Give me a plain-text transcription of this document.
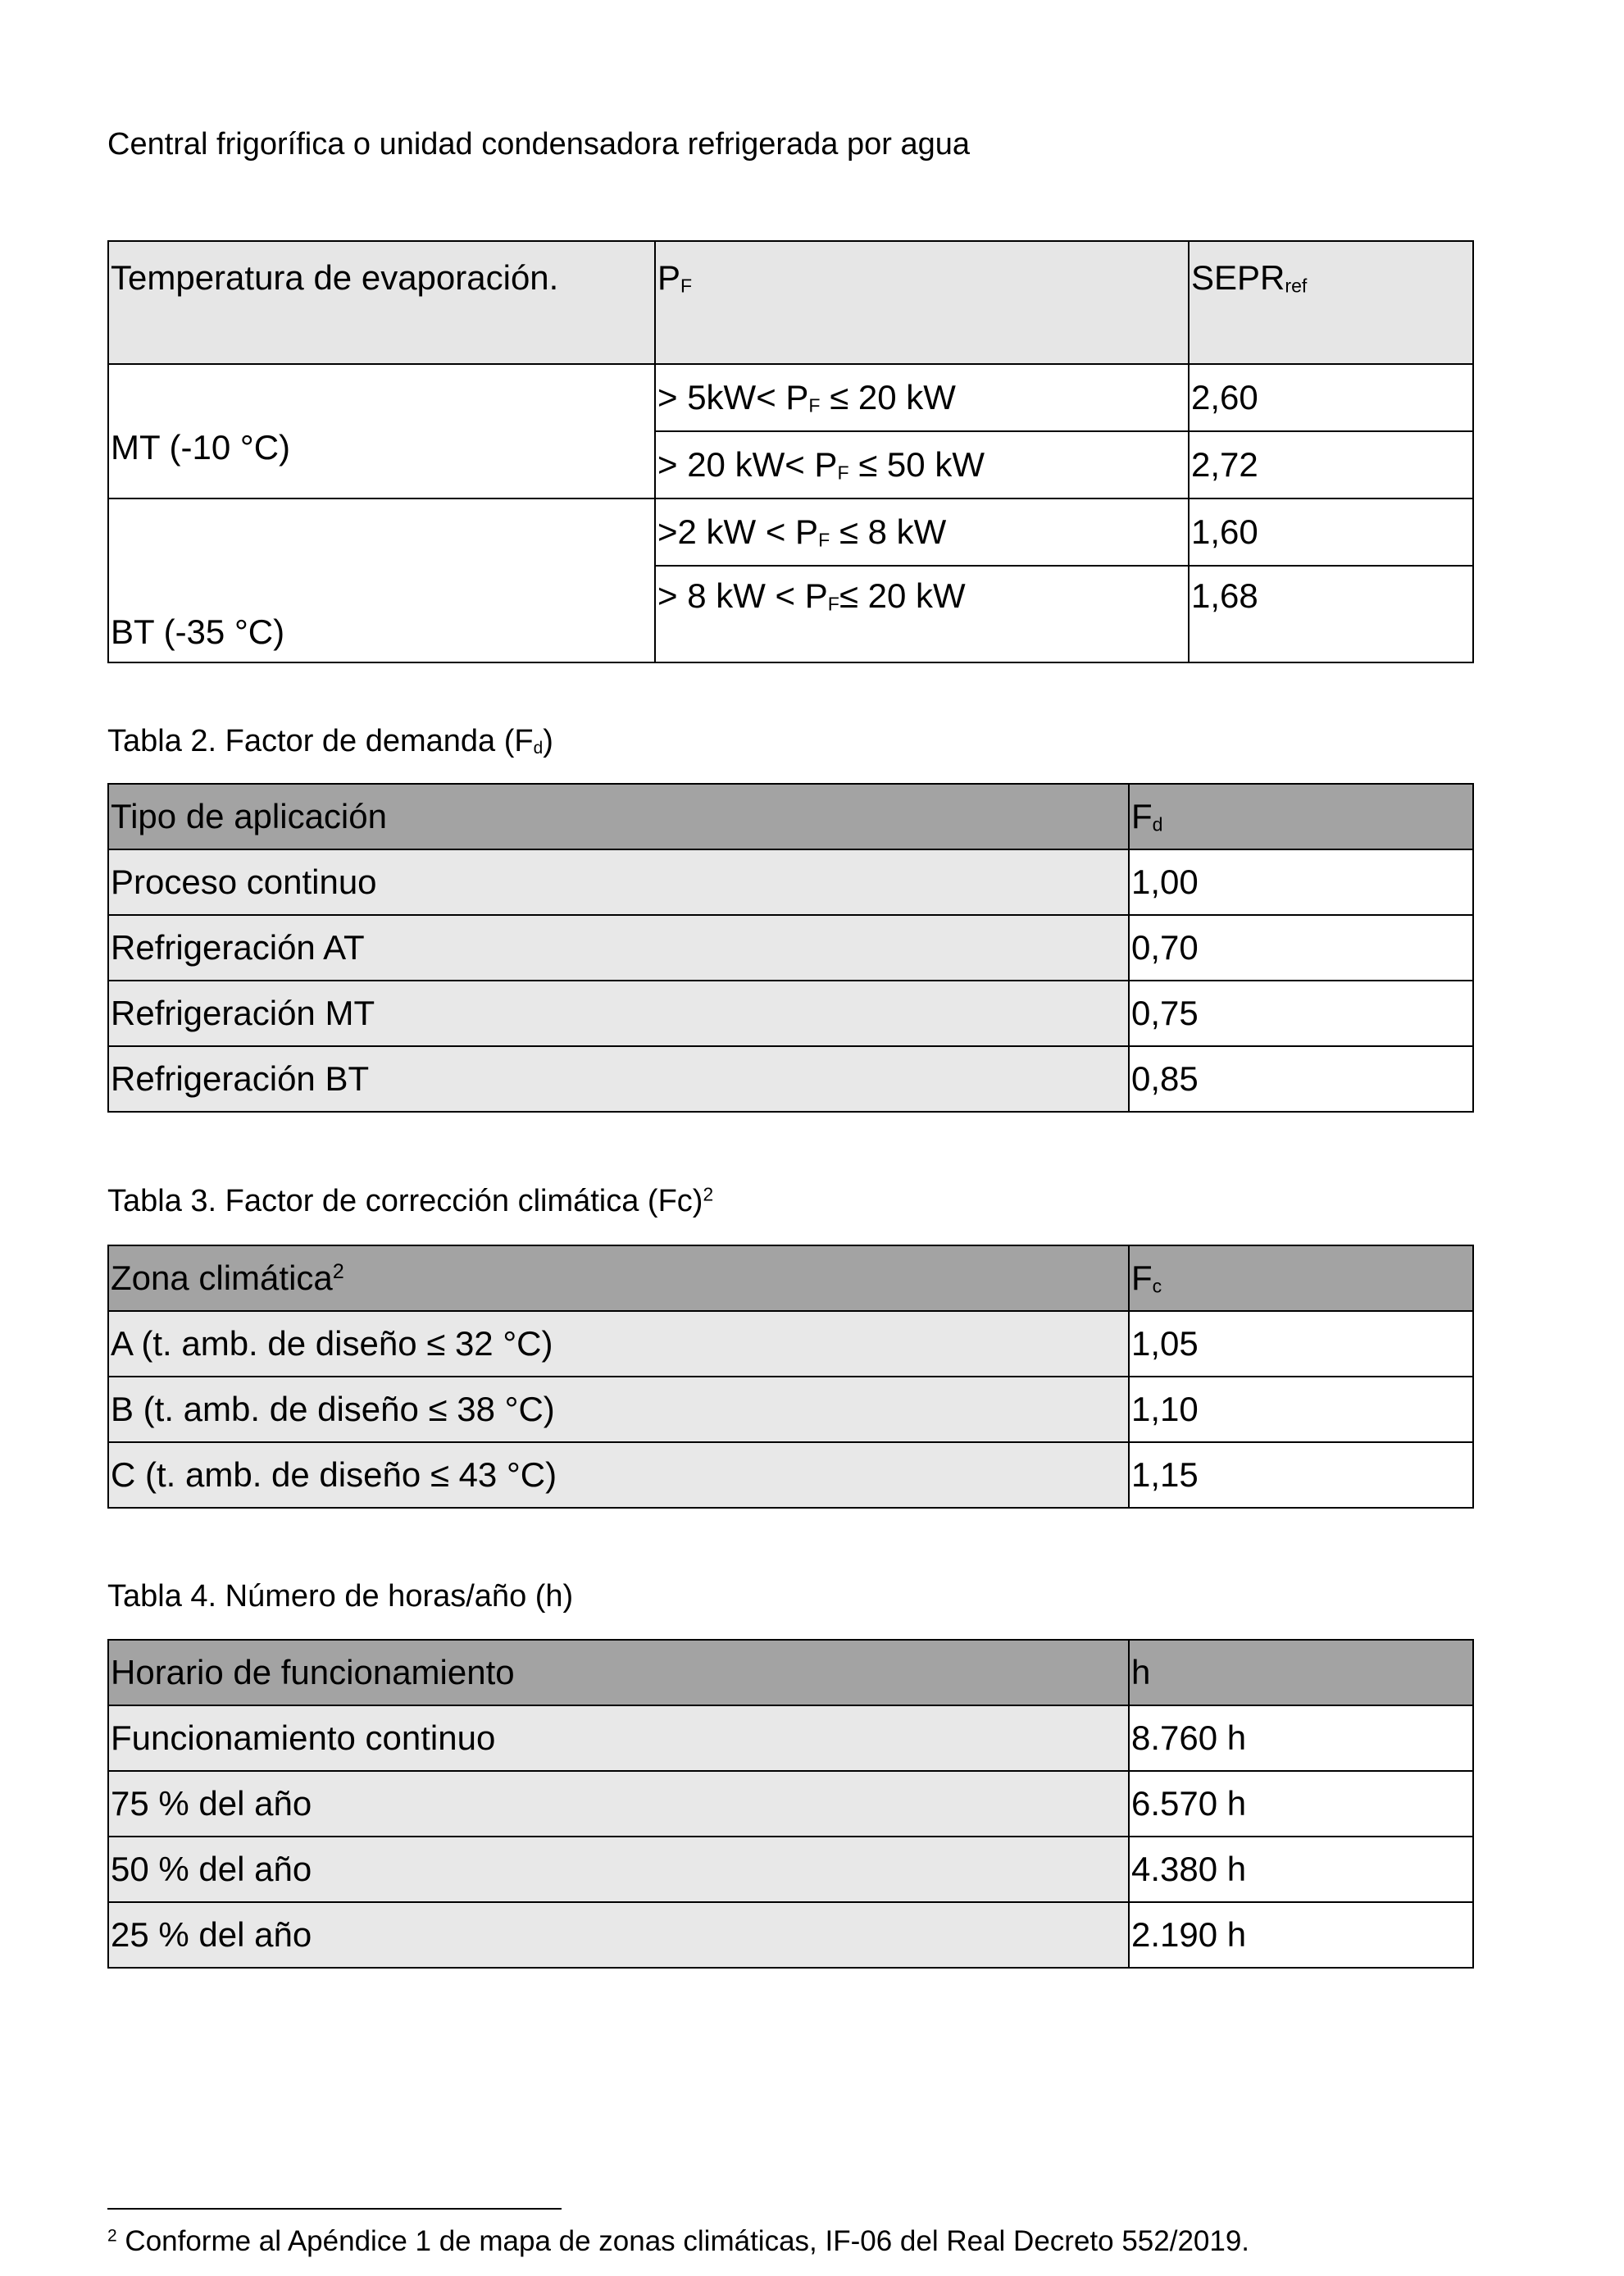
Central frigorífica o unidad condensadora refrigerada por agua
Temperatura de evaporación.	$P_F$	$SEPR_{ref}$
MT (-10 °C)	> $5kW< P_F \le 20$ kW	2,60
	> 20 $kW< P_F \le 50$ kW	2,72
BT (-35 °C)	>2 kW < $P_F \le 8$ kW	1,60
	> 8 kW < $P_F\le 20$ kW	1,68
Tabla 2. Factor de demanda $(F_d)$
Tipo de aplicación	$F_d$
Proceso continuo	1,00
Refrigeración AT	0,70
Refrigeración MT	0,75
Refrigeración BT	0,85
Tabla 3. Factor de corrección climática $(Fc)^2$
Zona climática$^2$	$F_c$
A (t. amb. de diseño ≤ 32 °C)	1,05
B (t. amb. de diseño ≤ 38 °C)	1,10
C (t. amb. de diseño ≤ 43 °C)	1,15
Tabla 4. Número de horas/año (h)
Horario de funcionamiento	h
Funcionamiento continuo	8.760 h
75 % del año	6.570 h
50 % del año	4.380 h
25 % del año	2.190 h
$^2$ Conforme al Apéndice 1 de mapa de zonas climáticas, IF-06 del Real Decreto 552/2019.
